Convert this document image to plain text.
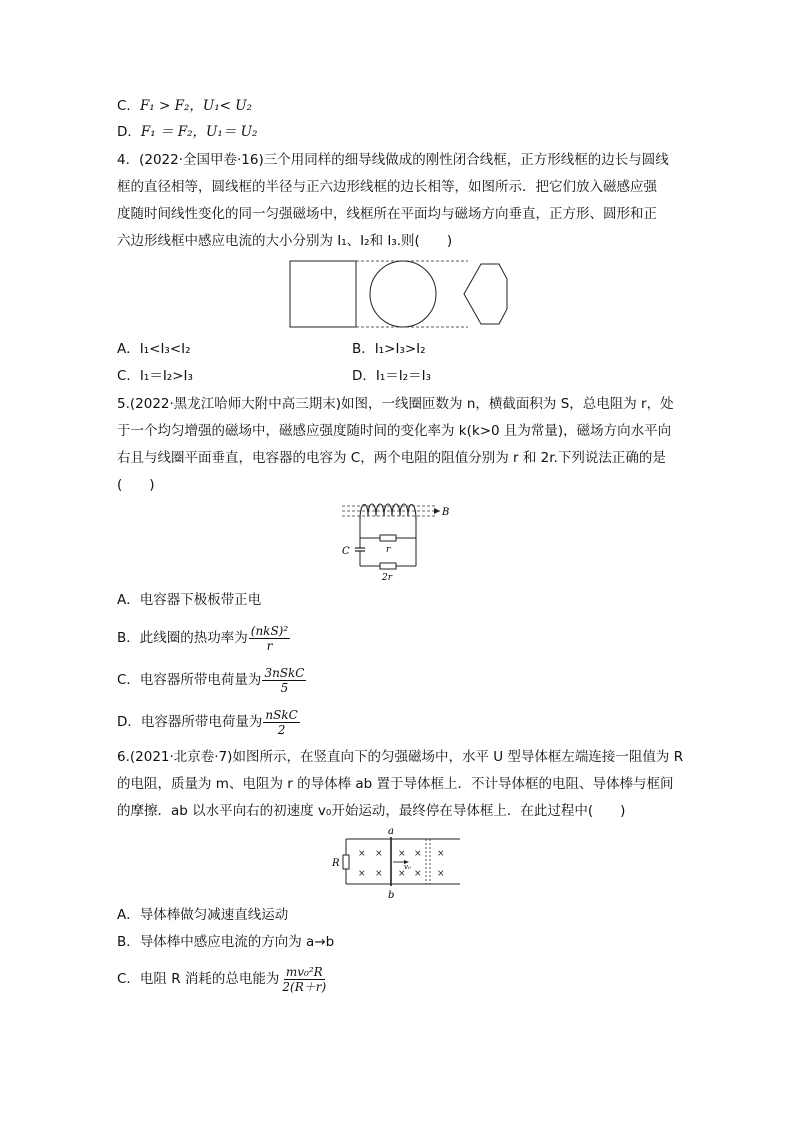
C．F₁ > F₂，U₁< U₂
D．F₁ ＝ F₂，U₁＝ U₂
4．(2022·全国甲卷·16)三个用同样的细导线做成的刚性闭合线框，正方形线框的边长与圆线
框的直径相等，圆线框的半径与正六边形线框的边长相等，如图所示．把它们放入磁感应强
度随时间线性变化的同一匀强磁场中，线框所在平面均与磁场方向垂直，正方形、圆形和正
六边形线框中感应电流的大小分别为 I₁、I₂和 I₃.则(　　)
A．I₁<I₃<I₂	B．I₁>I₃>I₂
C．I₁＝I₂>I₃	D．I₁＝I₂＝I₃
5.(2022·黑龙江哈师大附中高三期末)如图，一线圈匝数为 n，横截面积为 S，总电阻为 r，处
于一个均匀增强的磁场中，磁感应强度随时间的变化率为 k(k>0 且为常量)，磁场方向水平向
右且与线圈平面垂直，电容器的电容为 C，两个电阻的阻值分别为 r 和 2r.下列说法正确的是
(　　)
B
r
C
2r
A．电容器下极板带正电
B．此线圈的热功率为 $\frac{\text{(nkS)²}}{r}$
C．电容器所带电荷量为 $\frac{\text{3nSkC}}{5}$
D．电容器所带电荷量为 $\frac{\text{nSkC}}{2}$
6.(2021·北京卷·7)如图所示，在竖直向下的匀强磁场中，水平 U 型导体框左端连接一阻值为 R
的电阻，质量为 m、电阻为 r 的导体棒 ab 置于导体框上．不计导体框的电阻、导体棒与框间
的摩擦．ab 以水平向右的初速度 v₀开始运动，最终停在导体框上．在此过程中(　　)
a
R
b
× × × × ×
× × × × ×
v₀
A．导体棒做匀减速直线运动
B．导体棒中感应电流的方向为 a→b
C．电阻 R 消耗的总电能为 $\frac{\text{mv₀²R}}{2(R+r)}$
